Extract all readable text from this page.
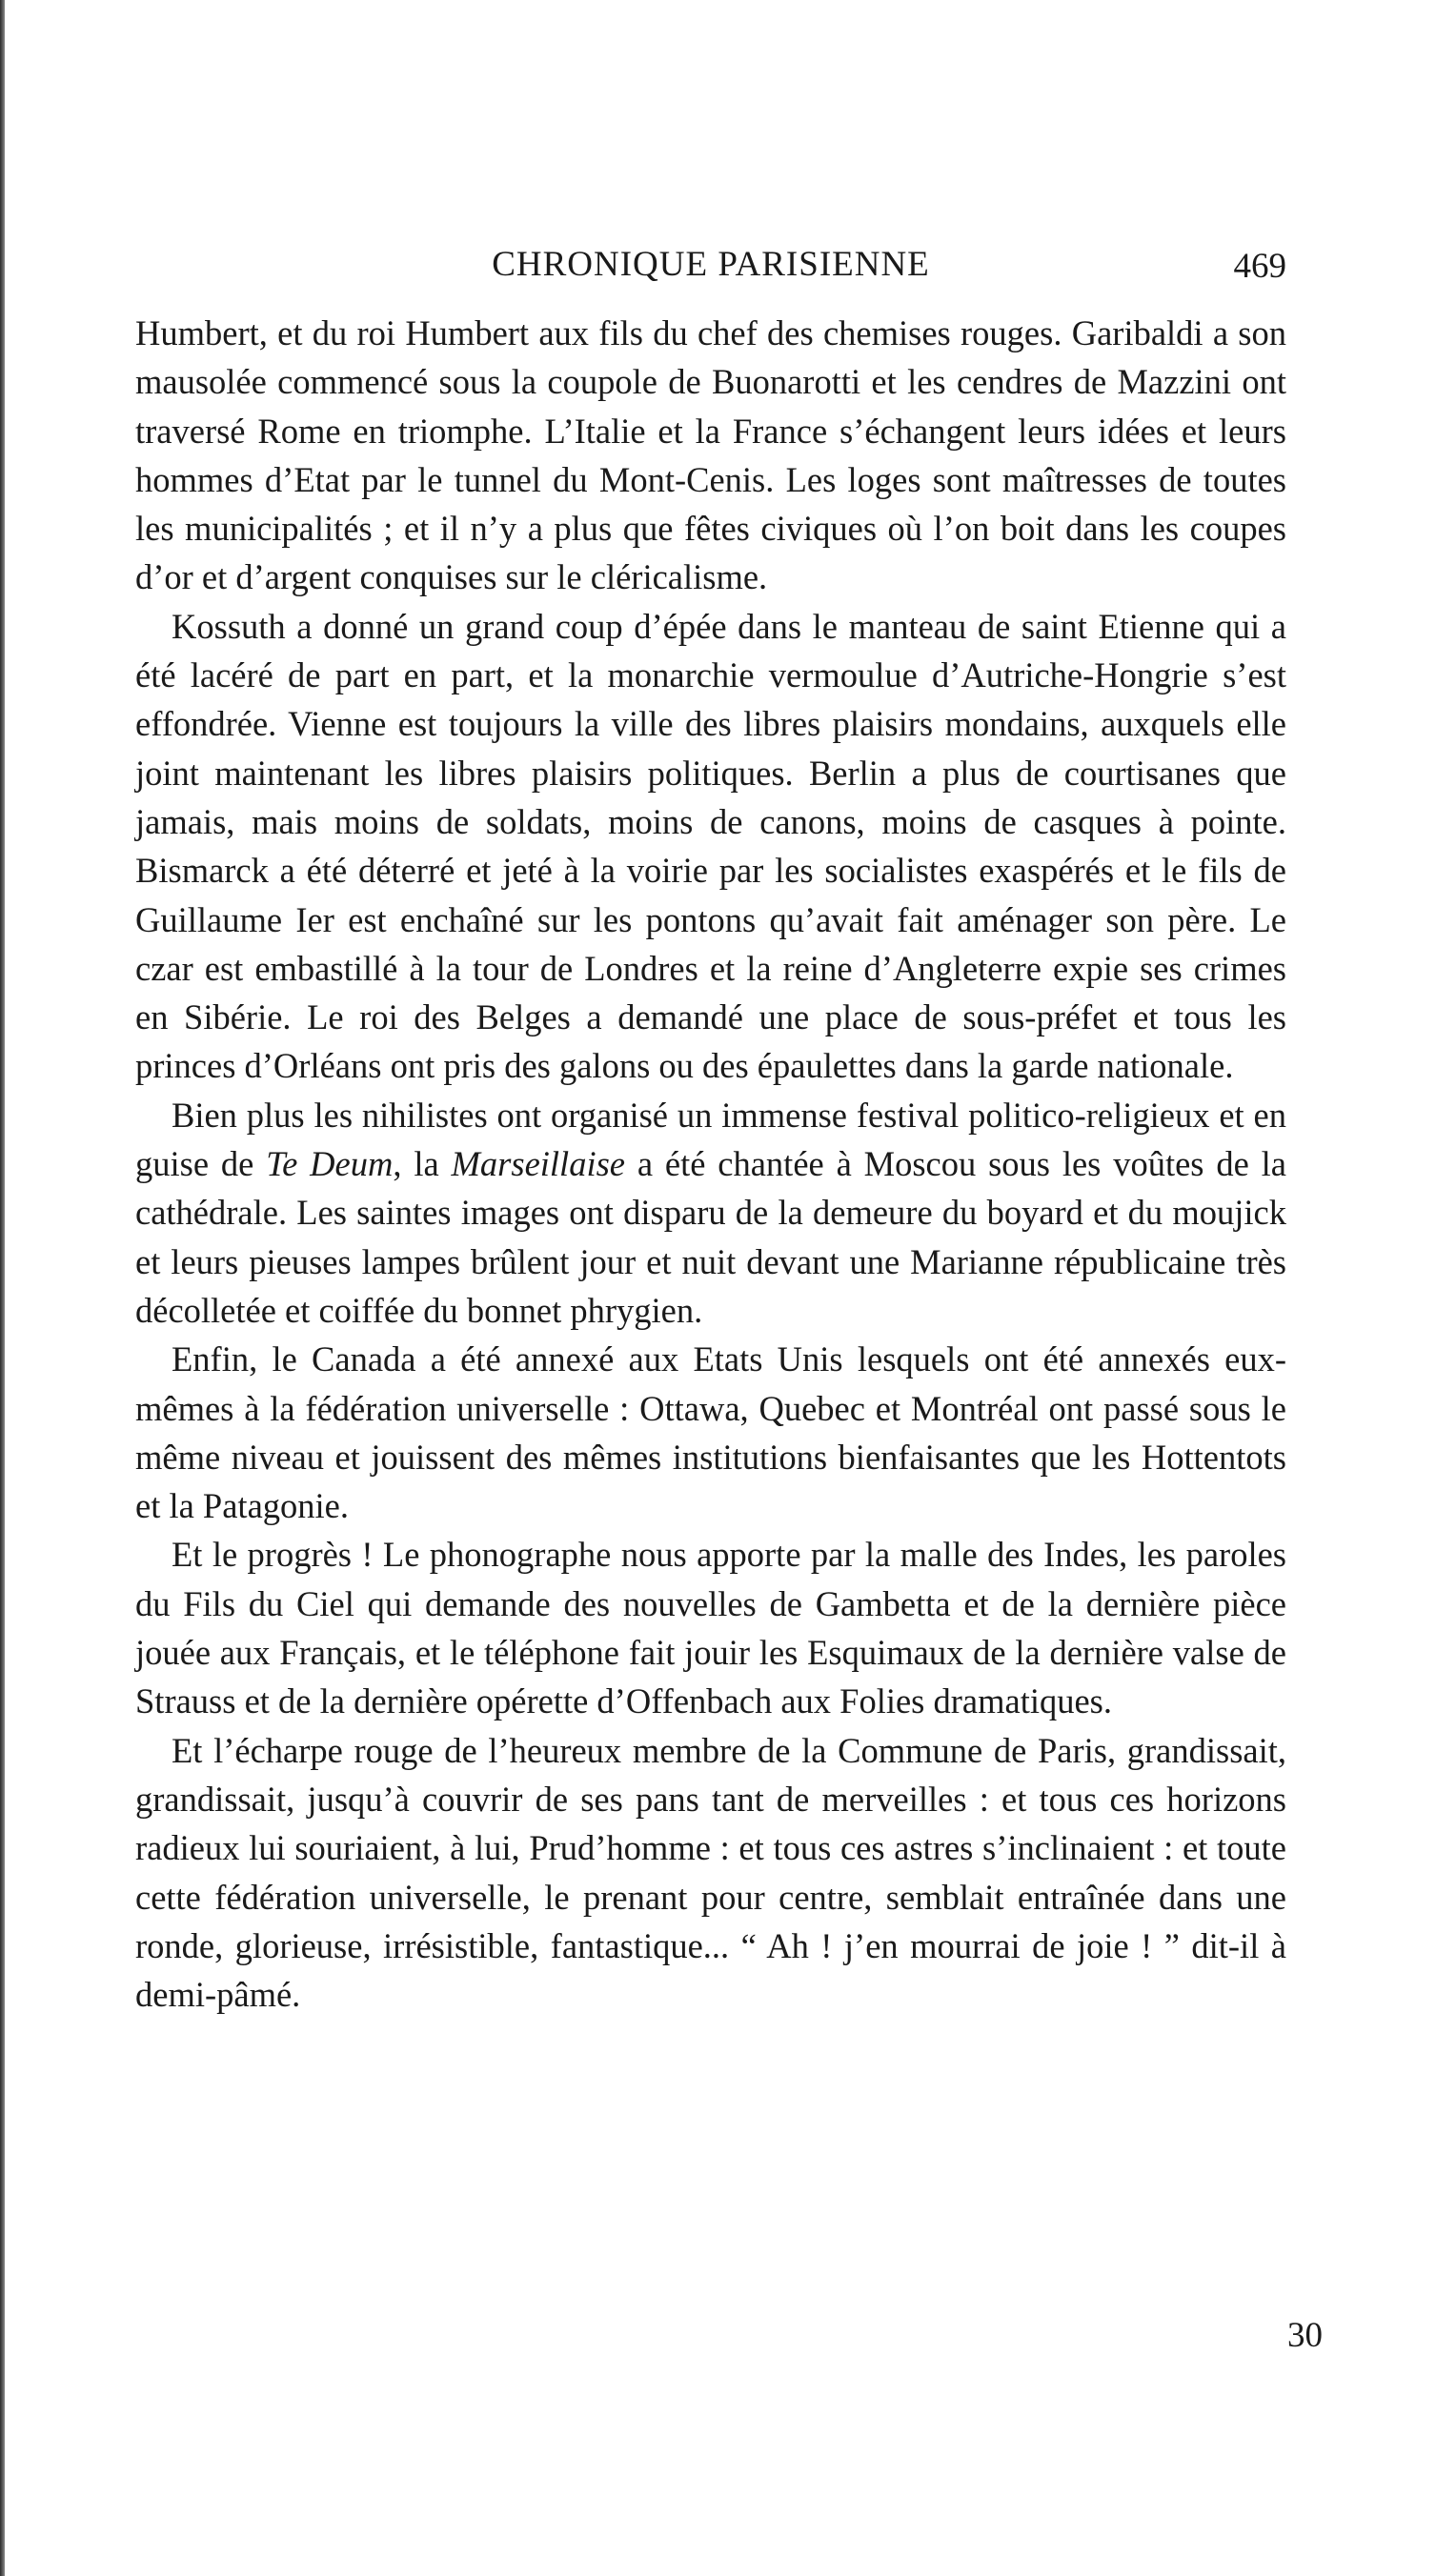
CHRONIQUE PARISIENNE	469

Humbert, et du roi Humbert aux fils du chef des chemises rouges. Garibaldi a son mausolée commencé sous la coupole de Buonarotti et les cendres de Mazzini ont traversé Rome en triomphe. L’Italie et la France s’échangent leurs idées et leurs hommes d’Etat par le tunnel du Mont-Cenis. Les loges sont maîtresses de toutes les municipalités ; et il n’y a plus que fêtes civiques où l’on boit dans les coupes d’or et d’argent conquises sur le cléricalisme.

Kossuth a donné un grand coup d’épée dans le manteau de saint Etienne qui a été lacéré de part en part, et la monarchie vermoulue d’Autriche-Hongrie s’est effondrée. Vienne est toujours la ville des libres plaisirs mondains, auxquels elle joint maintenant les libres plaisirs politiques. Berlin a plus de courtisanes que jamais, mais moins de soldats, moins de canons, moins de casques à pointe. Bismarck a été déterré et jeté à la voirie par les socialistes exaspérés et le fils de Guillaume Ier est enchaîné sur les pontons qu’avait fait aménager son père. Le czar est embastillé à la tour de Londres et la reine d’Angleterre expie ses crimes en Sibérie. Le roi des Belges a demandé une place de sous-préfet et tous les princes d’Orléans ont pris des galons ou des épaulettes dans la garde nationale.

Bien plus les nihilistes ont organisé un immense festival politico-religieux et en guise de Te Deum, la Marseillaise a été chantée à Moscou sous les voûtes de la cathédrale. Les saintes images ont disparu de la demeure du boyard et du moujick et leurs pieuses lampes brûlent jour et nuit devant une Marianne républicaine très décolletée et coiffée du bonnet phrygien.

Enfin, le Canada a été annexé aux Etats Unis lesquels ont été annexés eux-mêmes à la fédération universelle : Ottawa, Quebec et Montréal ont passé sous le même niveau et jouissent des mêmes institutions bienfaisantes que les Hottentots et la Patagonie.

Et le progrès ! Le phonographe nous apporte par la malle des Indes, les paroles du Fils du Ciel qui demande des nouvelles de Gambetta et de la dernière pièce jouée aux Français, et le téléphone fait jouir les Esquimaux de la dernière valse de Strauss et de la dernière opérette d’Offenbach aux Folies dramatiques.

Et l’écharpe rouge de l’heureux membre de la Commune de Paris, grandissait, grandissait, jusqu’à couvrir de ses pans tant de merveilles : et tous ces horizons radieux lui souriaient, à lui, Prud’homme : et tous ces astres s’inclinaient : et toute cette fédération universelle, le prenant pour centre, semblait entraînée dans une ronde, glorieuse, irrésistible, fantastique... “ Ah ! j’en mourrai de joie ! ” dit-il à demi-pâmé.

30
